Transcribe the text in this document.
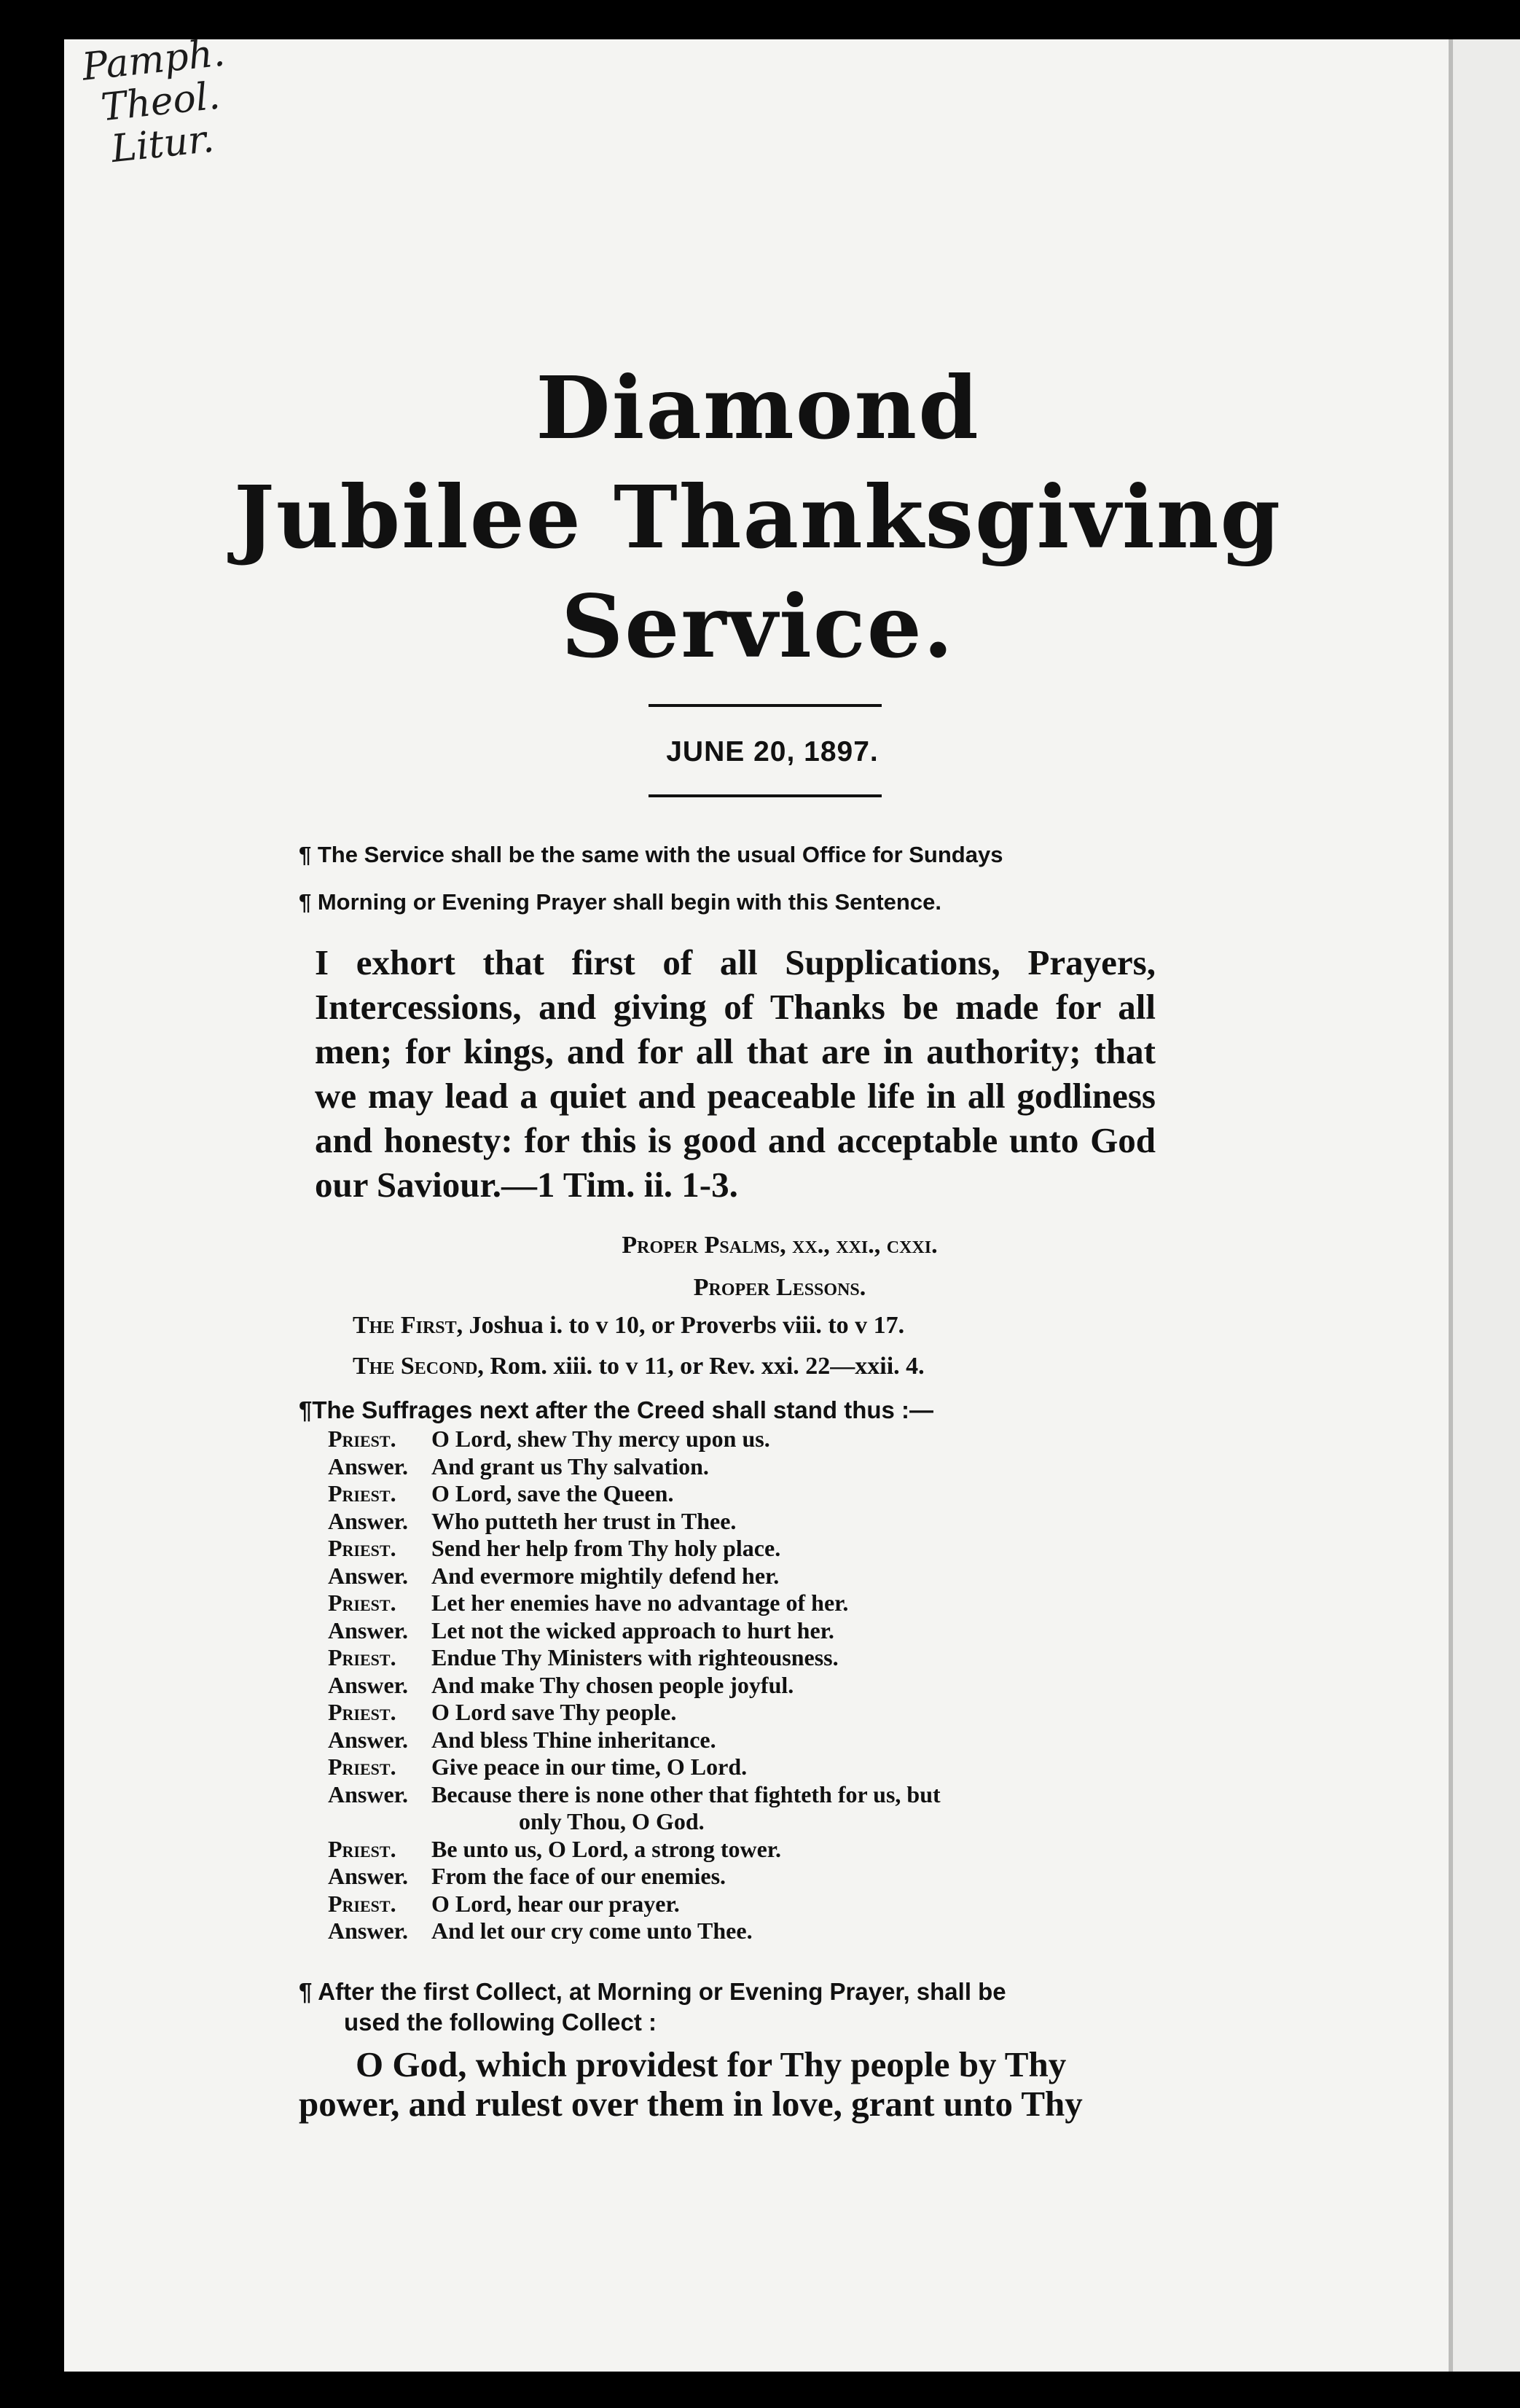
Pamph.
Theol.
Litur.
Diamond
Jubilee Thanksgiving
Service.
JUNE 20, 1897.
¶ The Service shall be the same with the usual Office for Sundays
¶ Morning or Evening Prayer shall begin with this Sentence.
I exhort that first of all Supplications, Prayers, Intercessions, and giving of Thanks be made for all men; for kings, and for all that are in authority; that we may lead a quiet and peaceable life in all godliness and honesty: for this is good and acceptable unto God our Saviour.—1 Tim. ii. 1-3.
Proper Psalms, xx., xxi., cxxi.
Proper Lessons.
The First, Joshua i. to v 10, or Proverbs viii. to v 17.
The Second, Rom. xiii. to v 11, or Rev. xxi. 22—xxii. 4.
¶The Suffrages next after the Creed shall stand thus :—
Priest.	O Lord, shew Thy mercy upon us.
Answer.	And grant us Thy salvation.
Priest.	O Lord, save the Queen.
Answer.	Who putteth her trust in Thee.
Priest.	Send her help from Thy holy place.
Answer.	And evermore mightily defend her.
Priest.	Let her enemies have no advantage of her.
Answer.	Let not the wicked approach to hurt her.
Priest.	Endue Thy Ministers with righteousness.
Answer.	And make Thy chosen people joyful.
Priest.	O Lord save Thy people.
Answer.	And bless Thine inheritance.
Priest.	Give peace in our time, O Lord.
Answer.	Because there is none other that fighteth for us, but
only Thou, O God.
Priest.	Be unto us, O Lord, a strong tower.
Answer.	From the face of our enemies.
Priest.	O Lord, hear our prayer.
Answer.	And let our cry come unto Thee.
¶ After the first Collect, at Morning or Evening Prayer, shall be
used the following Collect :
O God, which providest for Thy people by Thy
power, and rulest over them in love, grant unto Thy
